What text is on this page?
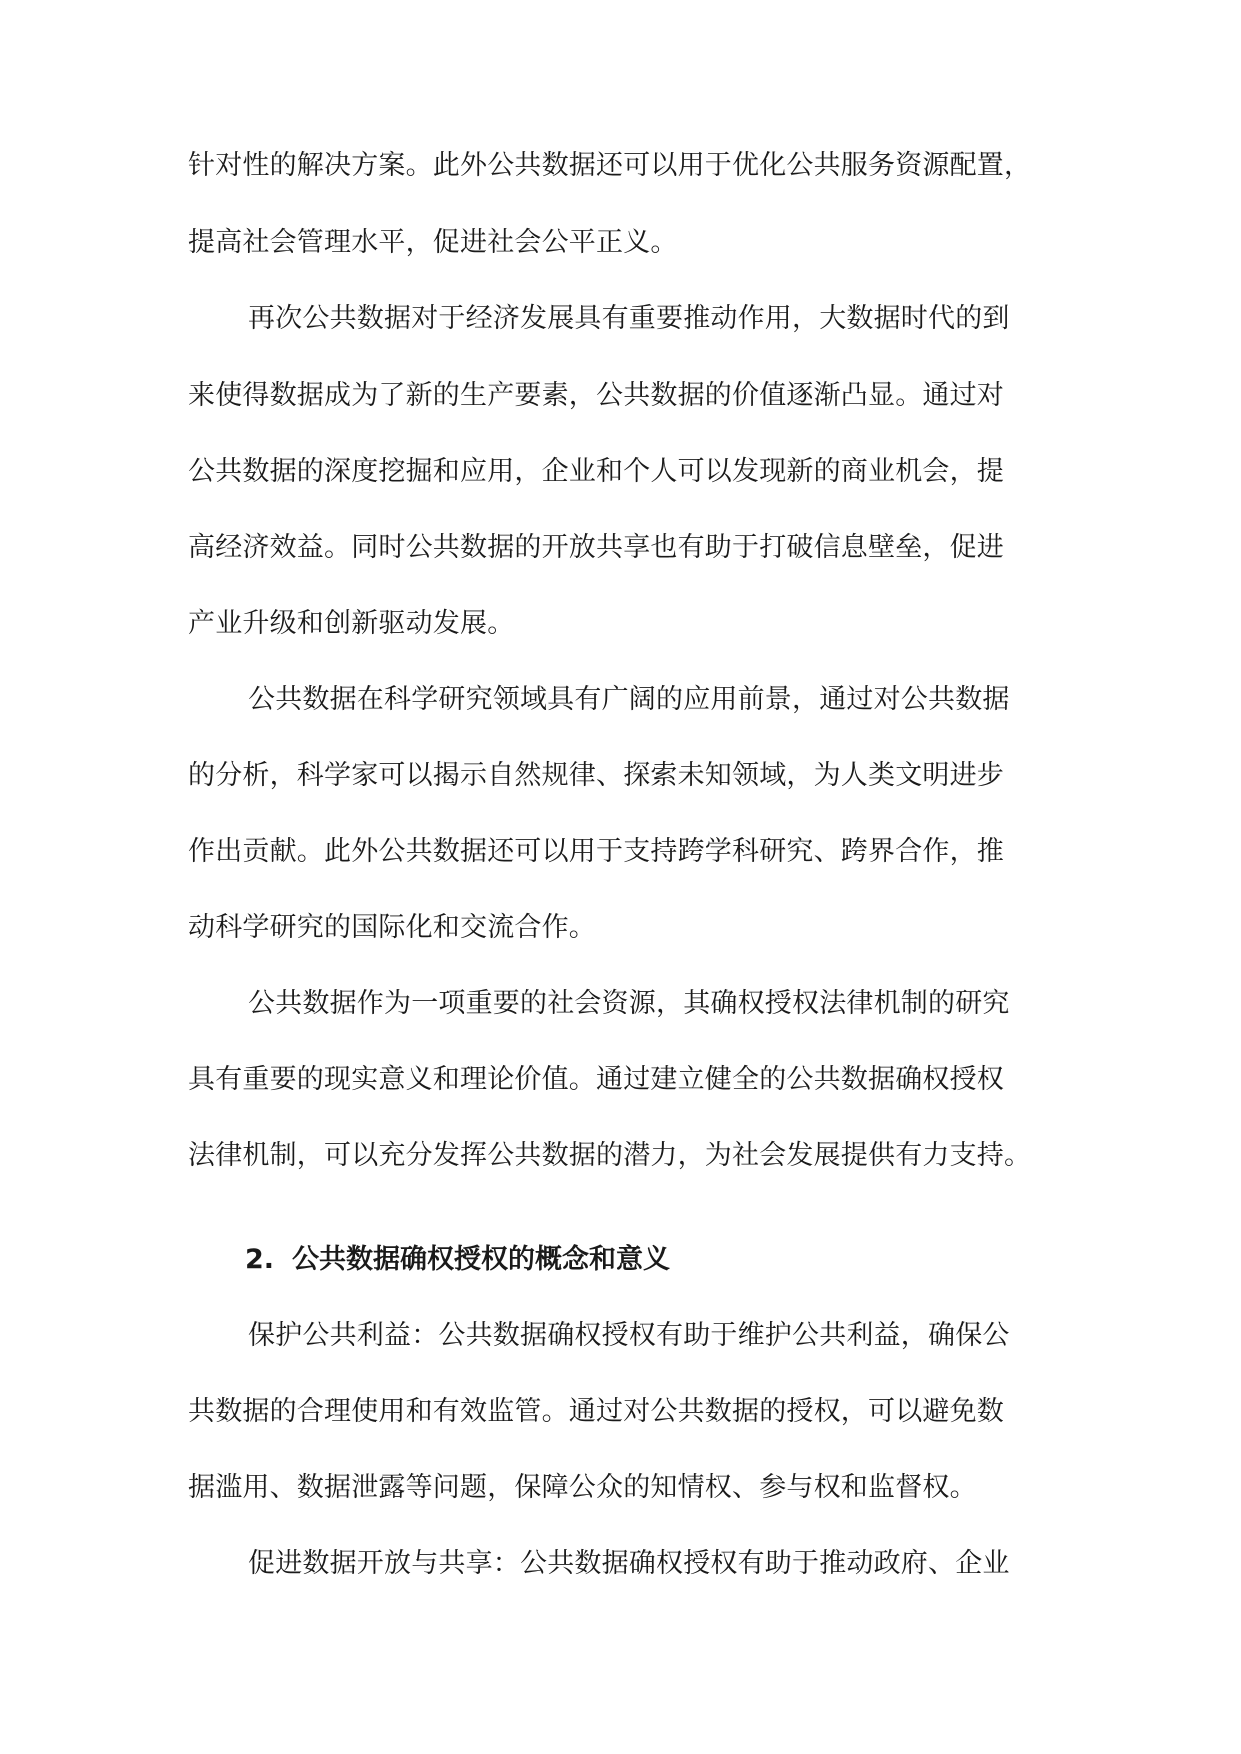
针对性的解决方案。此外公共数据还可以用于优化公共服务资源配置，
提高社会管理水平，促进社会公平正义。
再次公共数据对于经济发展具有重要推动作用，大数据时代的到
来使得数据成为了新的生产要素，公共数据的价值逐渐凸显。通过对
公共数据的深度挖掘和应用，企业和个人可以发现新的商业机会，提
高经济效益。同时公共数据的开放共享也有助于打破信息壁垒，促进
产业升级和创新驱动发展。
公共数据在科学研究领域具有广阔的应用前景，通过对公共数据
的分析，科学家可以揭示自然规律、探索未知领域，为人类文明进步
作出贡献。此外公共数据还可以用于支持跨学科研究、跨界合作，推
动科学研究的国际化和交流合作。
公共数据作为一项重要的社会资源，其确权授权法律机制的研究
具有重要的现实意义和理论价值。通过建立健全的公共数据确权授权
法律机制，可以充分发挥公共数据的潜力，为社会发展提供有力支持。
2. 公共数据确权授权的概念和意义
保护公共利益：公共数据确权授权有助于维护公共利益，确保公
共数据的合理使用和有效监管。通过对公共数据的授权，可以避免数
据滥用、数据泄露等问题，保障公众的知情权、参与权和监督权。
促进数据开放与共享：公共数据确权授权有助于推动政府、企业
